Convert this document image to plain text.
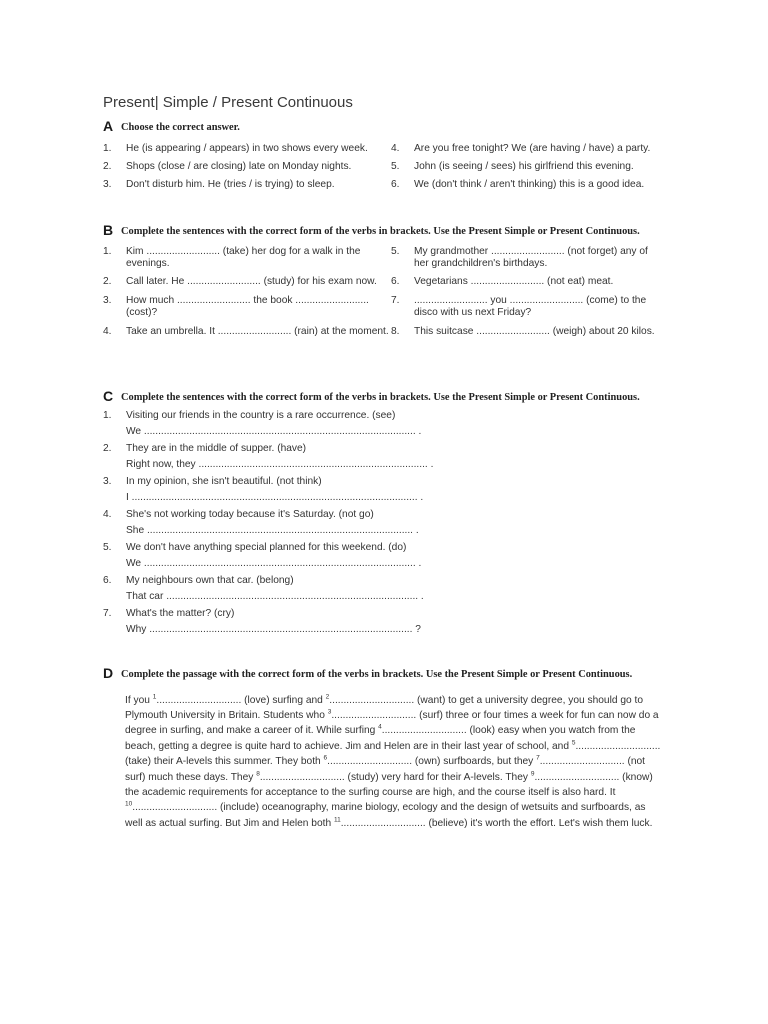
Present| Simple / Present Continuous
A Choose the correct answer.
1.	He (is appearing / appears) in two shows every week.
2.	Shops (close / are closing) late on Monday nights.
3.	Don't disturb him. He (tries / is trying) to sleep.
4.	Are you free tonight? We (are having / have) a party.
5.	John (is seeing / sees) his girlfriend this evening.
6.	We (don't think / aren't thinking) this is a good idea.
B Complete the sentences with the correct form of the verbs in brackets. Use the Present Simple or Present Continuous.
1.	Kim .......................... (take) her dog for a walk in the evenings.
2.	Call later. He .......................... (study) for his exam now.
3.	How much .......................... the book .......................... (cost)?
4.	Take an umbrella. It .......................... (rain) at the moment.
5.	My grandmother .......................... (not forget) any of her grandchildren's birthdays.
6.	Vegetarians .......................... (not eat) meat.
7.	.......................... you .......................... (come) to the disco with us next Friday?
8.	This suitcase .......................... (weigh) about 20 kilos.
C Complete the sentences with the correct form of the verbs in brackets. Use the Present Simple or Present Continuous.
1.	Visiting our friends in the country is a rare occurrence. (see)
We ................................................................................................ .
2.	They are in the middle of supper. (have)
Right now, they ................................................................................. .
3.	In my opinion, she isn't beautiful. (not think)
I ..................................................................................................... .
4.	She's not working today because it's Saturday. (not go)
She .............................................................................................. .
5.	We don't have anything special planned for this weekend. (do)
We ................................................................................................ .
6.	My neighbours own that car. (belong)
That car ......................................................................................... .
7.	What's the matter? (cry)
Why ............................................................................................. ?
D Complete the passage with the correct form of the verbs in brackets. Use the Present Simple or Present Continuous.
If you $^1$.............................. (love) surfing and $^2$.............................. (want) to get a university degree, you should go to Plymouth University in Britain. Students who $^3$.............................. (surf) three or four times a week for fun can now do a degree in surfing, and make a career of it. While surfing $^4$.............................. (look) easy when you watch from the beach, getting a degree is quite hard to achieve. Jim and Helen are in their last year of school, and $^5$.............................. (take) their A-levels this summer. They both $^6$.............................. (own) surfboards, but they $^7$.............................. (not surf) much these days. They $^8$.............................. (study) very hard for their A-levels. They $^9$.............................. (know) the academic requirements for acceptance to the surfing course are high, and the course itself is also hard. It $^{10}$.............................. (include) oceanography, marine biology, ecology and the design of wetsuits and surfboards, as well as actual surfing. But Jim and Helen both $^{11}$.............................. (believe) it's worth the effort. Let's wish them luck.
